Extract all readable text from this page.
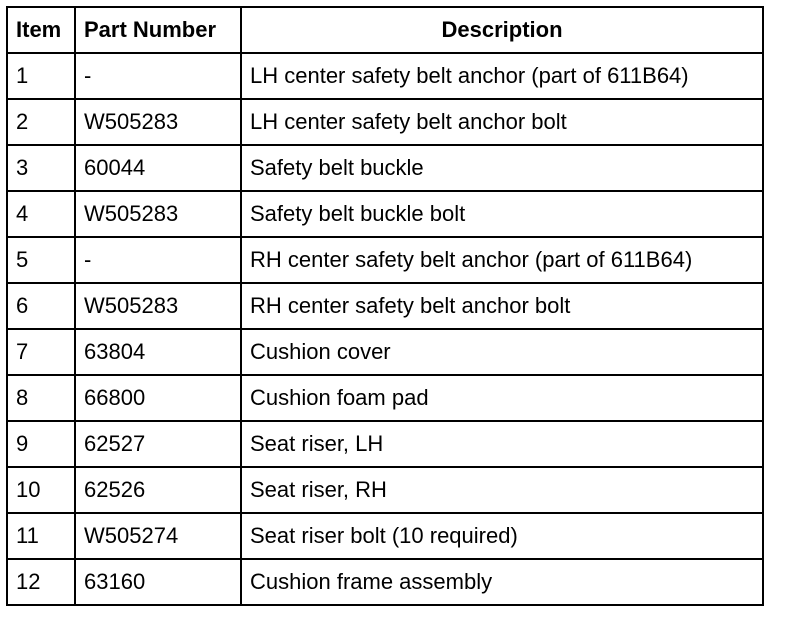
Item	Part Number	Description
1	-	LH center safety belt anchor (part of 611B64)
2	W505283	LH center safety belt anchor bolt
3	60044	Safety belt buckle
4	W505283	Safety belt buckle bolt
5	-	RH center safety belt anchor (part of 611B64)
6	W505283	RH center safety belt anchor bolt
7	63804	Cushion cover
8	66800	Cushion foam pad
9	62527	Seat riser, LH
10	62526	Seat riser, RH
11	W505274	Seat riser bolt (10 required)
12	63160	Cushion frame assembly
